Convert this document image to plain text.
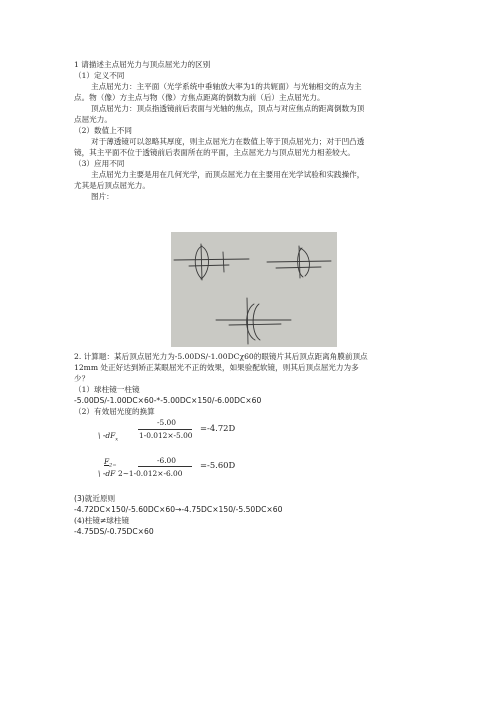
1 请描述主点屈光力与顶点屈光力的区别
（1）定义不同
主点屈光力：主平面（光学系统中垂轴放大率为1的共轭面）与光轴相交的点为主
点。物（像）方主点与物（像）方焦点距离的倒数为前（后）主点屈光力。
顶点屈光力：顶点指透镜前后表面与光轴的焦点，顶点与对应焦点的距离倒数为顶
点屈光力。
（2）数值上不同
对于薄透镜可以忽略其厚度，则主点屈光力在数值上等于顶点屈光力；对于凹凸透
镜，其主平面不位于透镜前后表面所在的平面，主点屈光力与顶点屈光力相差较大。
（3）应用不同
主点屈光力主要是用在几何光学，而顶点屈光力在主要用在光学试验和实践操作，
尤其是后顶点屈光力。
图片：
2. 计算题：某后顶点屈光力为-5.00DS/-1.00DCχ60的眼镜片其后顶点距离角膜前顶点
12mm 处正好达到矫正某眼屈光不正的效果，如果验配软镜，则其后顶点屈光力为多
少？
（1）球柱镜一柱镜
-5.00DS/-1.00DC×60-*-5.00DC×150/-6.00DC×60
（2）有效屈光度的换算
-5.00
\ $-dF_x$	1-0.012×-5.00
=-4.72D
$F_{2=}$
-6.00
\ -dF 2~1-0.012×-6.00
=-5.60D
(3)就近原则
-4.72DC×150/-5.60DC×60→-4.75DC×150/-5.50DC×60
(4)柱镜≠球柱镜
-4.75DS/-0.75DC×60
